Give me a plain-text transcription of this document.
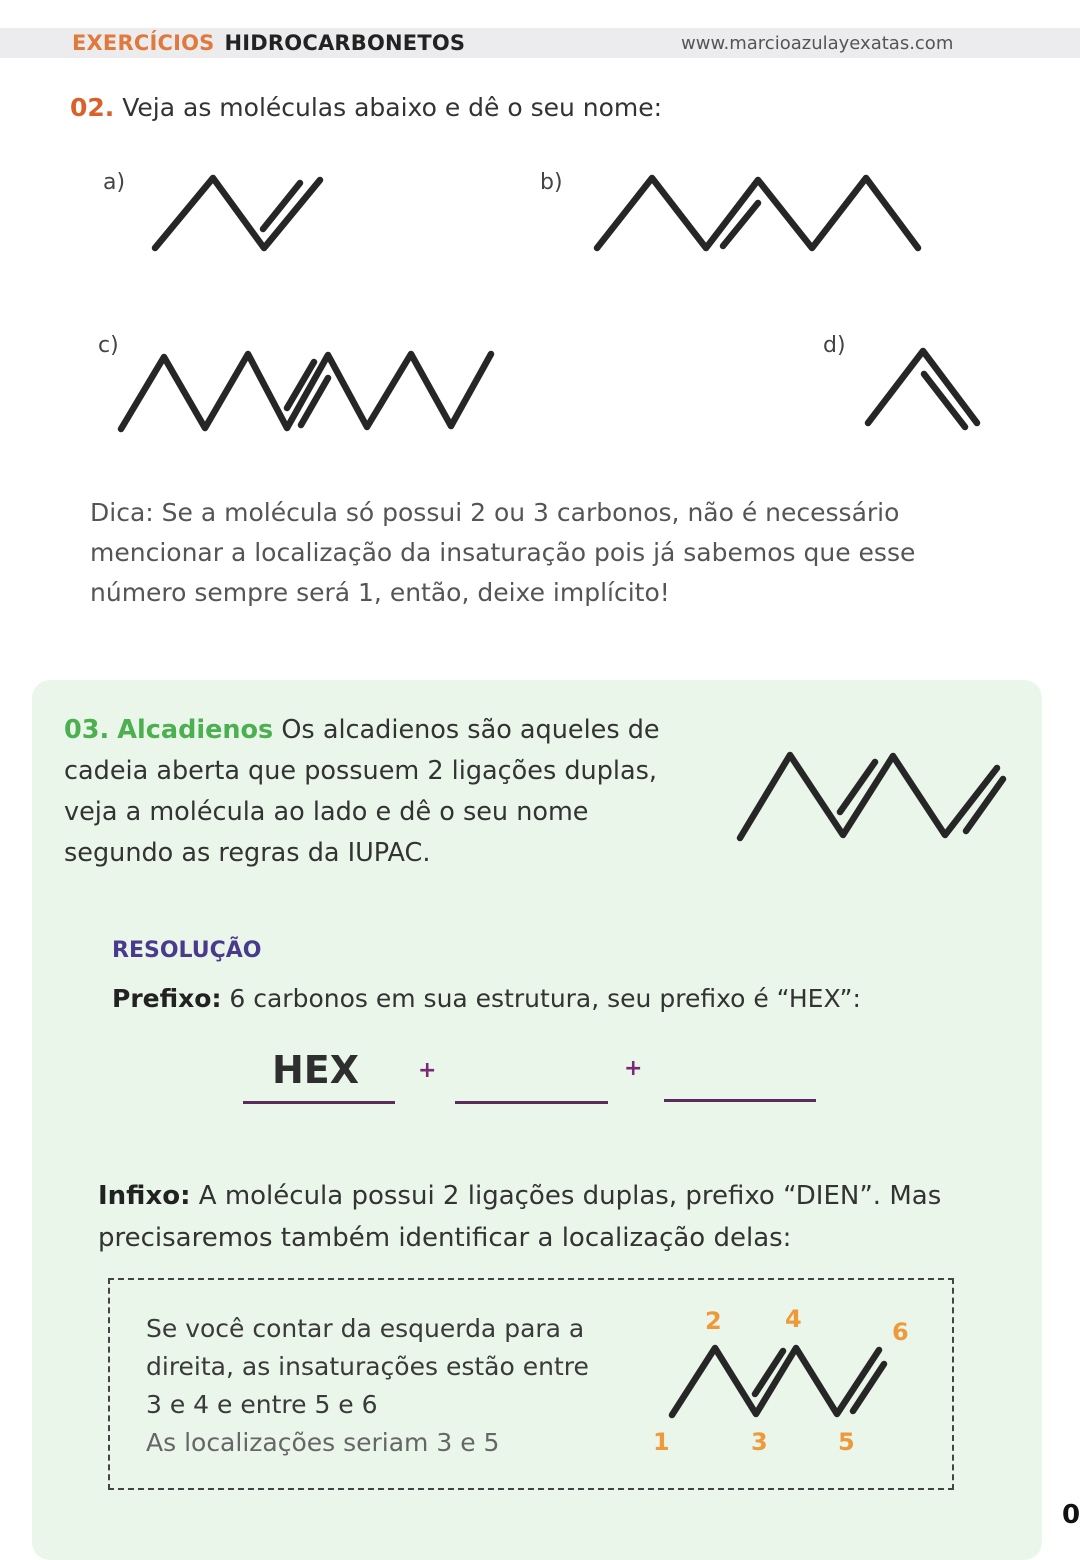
EXERCÍCIOS HIDROCARBONETOS	www.marcioazulayexatas.com
02. Veja as moléculas abaixo e dê o seu nome:
a)	b)
c)	d)
Dica: Se a molécula só possui 2 ou 3 carbonos, não é necessário mencionar a localização da insaturação pois já sabemos que esse número sempre será 1, então, deixe implícito!
03. Alcadienos Os alcadienos são aqueles de cadeia aberta que possuem 2 ligações duplas, veja a molécula ao lado e dê o seu nome segundo as regras da IUPAC.
RESOLUÇÃO
Prefixo: 6 carbonos em sua estrutura, seu prefixo é “HEX”:
HEX	+	+
Infixo: A molécula possui 2 ligações duplas, prefixo “DIEN”. Mas precisaremos também identificar a localização delas:
Se você contar da esquerda para a
direita, as insaturações estão entre
3 e 4 e entre 5 e 6
As localizações seriam 3 e 5
2	4	6
1	3	5
0
